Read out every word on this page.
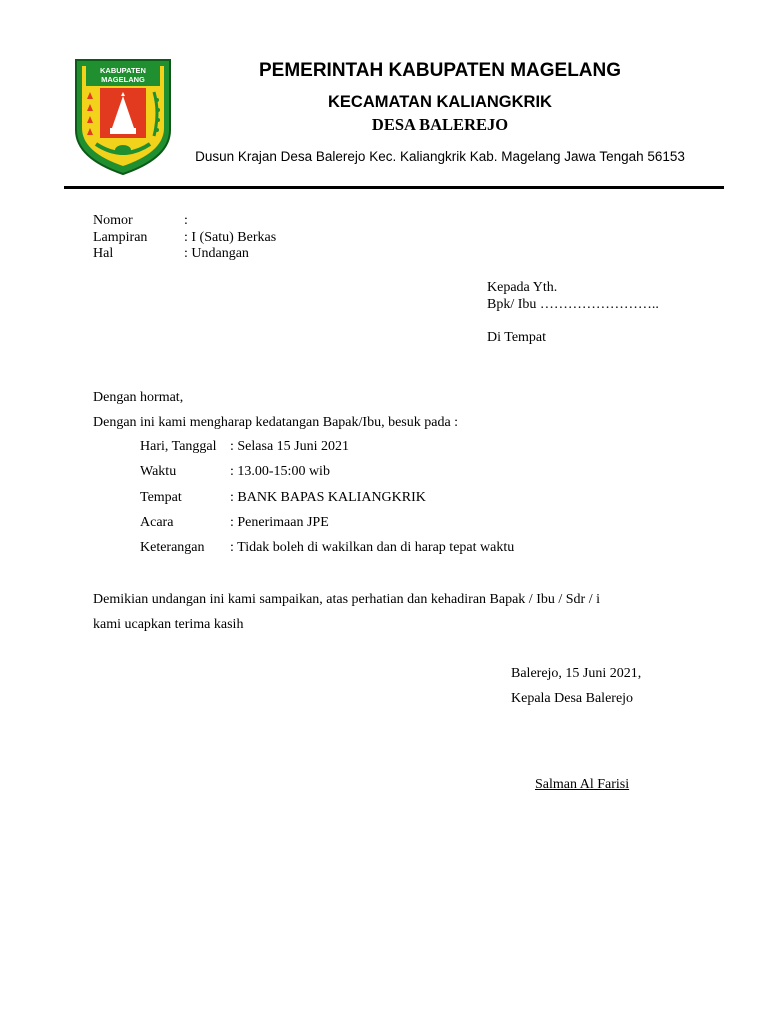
KABUPATEN
MAGELANG	PEMERINTAH KABUPATEN MAGELANG
KECAMATAN KALIANGKRIK
DESA BALEREJO
Dusun Krajan Desa Balerejo Kec. Kaliangkrik Kab. Magelang Jawa Tengah 56153
Nomor	:
Lampiran	: I (Satu) Berkas
Hal	: Undangan
Kepada Yth.
Bpk/ Ibu ……………………..
Di Tempat
Dengan hormat,
Dengan ini kami mengharap kedatangan Bapak/Ibu, besuk pada :
Hari, Tanggal : Selasa 15 Juni 2021
Waktu	: 13.00-15:00 wib
Tempat	: BANK BAPAS KALIANGKRIK
Acara	: Penerimaan JPE
Keterangan : Tidak boleh di wakilkan dan di harap tepat waktu
Demikian undangan ini kami sampaikan, atas perhatian dan kehadiran Bapak / Ibu / Sdr / i
kami ucapkan terima kasih
Balerejo, 15 Juni 2021,
Kepala Desa Balerejo
Salman Al Farisi
